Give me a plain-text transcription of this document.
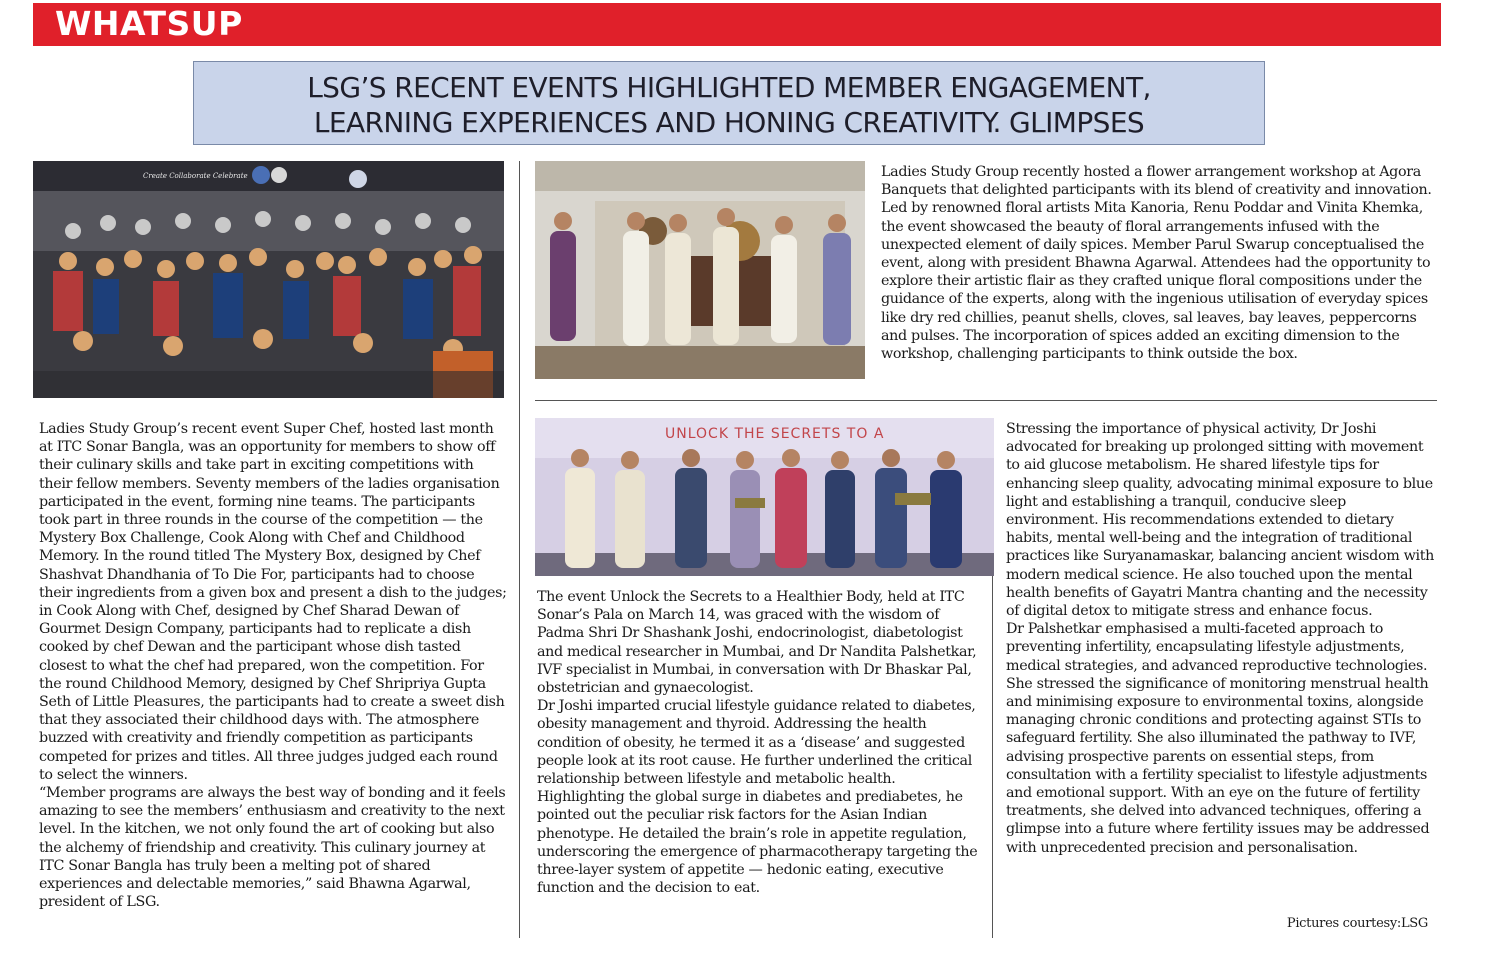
WHATSUP
LSG’S RECENT EVENTS HIGHLIGHTED MEMBER ENGAGEMENT,
LEARNING EXPERIENCES AND HONING CREATIVITY. GLIMPSES
Create Collaborate Celebrate	Ladies Study Group recently hosted a flower arrangement workshop at Agora Banquets that delighted participants with its blend of creativity and innovation. Led by renowned floral artists Mita Kanoria, Renu Poddar and Vinita Khemka, the event showcased the beauty of floral arrangements infused with the unexpected element of daily spices. Member Parul Swarup conceptualised the event, along with president Bhawna Agarwal. Attendees had the opportunity to explore their artistic flair as they crafted unique floral compositions under the guidance of the experts, along with the ingenious utilisation of everyday spices like dry red chillies, peanut shells, cloves, sal leaves, bay leaves, peppercorns and pulses. The incorporation of spices added an exciting dimension to the workshop, challenging participants to think outside the box.

Ladies Study Group’s recent event Super Chef, hosted last month at ITC Sonar Bangla, was an opportunity for members to show off their culinary skills and take part in exciting competitions with their fellow members. Seventy members of the ladies organisation participated in the event, forming nine teams. The participants took part in three rounds in the course of the competition — the Mystery Box Challenge, Cook Along with Chef and Childhood Memory. In the round titled The Mystery Box, designed by Chef Shashvat Dhandhania of To Die For, participants had to choose their ingredients from a given box and present a dish to the judges; in Cook Along with Chef, designed by Chef Sharad Dewan of Gourmet Design Company, participants had to replicate a dish cooked by chef Dewan and the participant whose dish tasted closest to what the chef had prepared, won the competition. For the round Childhood Memory, designed by Chef Shripriya Gupta Seth of Little Pleasures, the participants had to create a sweet dish that they associated their childhood days with. The atmosphere buzzed with creativity and friendly competition as participants competed for prizes and titles. All three judges judged each round to select the winners.

“Member programs are always the best way of bonding and it feels amazing to see the members’ enthusiasm and creativity to the next level. In the kitchen, we not only found the art of cooking but also the alchemy of friendship and creativity. This culinary journey at ITC Sonar Bangla has truly been a melting pot of shared experiences and delectable memories,” said Bhawna Agarwal, president of LSG.

UNLOCK THE SECRETS TO A

The event Unlock the Secrets to a Healthier Body, held at ITC Sonar’s Pala on March 14, was graced with the wisdom of Padma Shri Dr Shashank Joshi, endocrinologist, diabetologist and medical researcher in Mumbai, and Dr Nandita Palshetkar, IVF specialist in Mumbai, in conversation with Dr Bhaskar Pal, obstetrician and gynaecologist.

Dr Joshi imparted crucial lifestyle guidance related to diabetes, obesity management and thyroid. Addressing the health condition of obesity, he termed it as a ‘disease’ and suggested people look at its root cause. He further underlined the critical relationship between lifestyle and metabolic health. Highlighting the global surge in diabetes and prediabetes, he pointed out the peculiar risk factors for the Asian Indian phenotype. He detailed the brain’s role in appetite regulation, underscoring the emergence of pharmacotherapy targeting the three-layer system of appetite — hedonic eating, executive function and the decision to eat.

Stressing the importance of physical activity, Dr Joshi advocated for breaking up prolonged sitting with movement to aid glucose metabolism. He shared lifestyle tips for enhancing sleep quality, advocating minimal exposure to blue light and establishing a tranquil, conducive sleep environment. His recommendations extended to dietary habits, mental well-being and the integration of traditional practices like Suryanamaskar, balancing ancient wisdom with modern medical science. He also touched upon the mental health benefits of Gayatri Mantra chanting and the necessity of digital detox to mitigate stress and enhance focus.

Dr Palshetkar emphasised a multi-faceted approach to preventing infertility, encapsulating lifestyle adjustments, medical strategies, and advanced reproductive technologies. She stressed the significance of monitoring menstrual health and minimising exposure to environmental toxins, alongside managing chronic conditions and protecting against STIs to safeguard fertility. She also illuminated the pathway to IVF, advising prospective parents on essential steps, from consultation with a fertility specialist to lifestyle adjustments and emotional support. With an eye on the future of fertility treatments, she delved into advanced techniques, offering a glimpse into a future where fertility issues may be addressed with unprecedented precision and personalisation.

Pictures courtesy:LSG
